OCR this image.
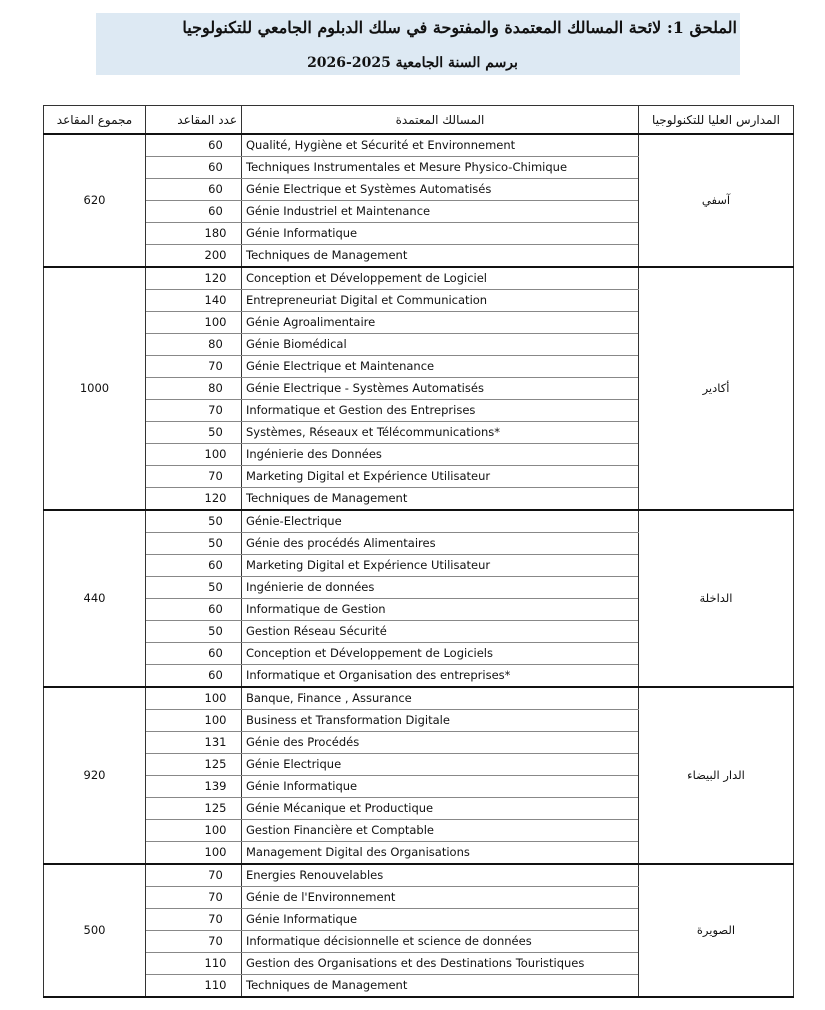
الملحق 1: لائحة المسالك المعتمدة والمفتوحة في سلك الدبلوم الجامعي للتكنولوجيا
برسم السنة الجامعية 2025-2026
مجموع المقاعد	عدد المقاعد	المسالك المعتمدة	المدارس العليا للتكنولوجيا
620	60	Qualité, Hygiène et Sécurité et Environnement	آسفي
	60	Techniques Instrumentales et Mesure Physico-Chimique	
	60	Génie Electrique et Systèmes Automatisés	
	60	Génie Industriel et Maintenance	
	180	Génie Informatique	
	200	Techniques de Management	
1000	120	Conception et Développement de Logiciel	أكادير
	140	Entrepreneuriat Digital et Communication	
	100	Génie Agroalimentaire	
	80	Génie Biomédical	
	70	Génie Electrique et Maintenance	
	80	Génie Electrique - Systèmes Automatisés	
	70	Informatique et Gestion des Entreprises	
	50	Systèmes, Réseaux et Télécommunications*	
	100	Ingénierie des Données	
	70	Marketing Digital et Expérience Utilisateur	
	120	Techniques de Management	
440	50	Génie-Electrique	الداخلة
	50	Génie des procédés Alimentaires	
	60	Marketing Digital et Expérience Utilisateur	
	50	Ingénierie de données	
	60	Informatique de Gestion	
	50	Gestion Réseau Sécurité	
	60	Conception et Développement de Logiciels	
	60	Informatique et Organisation des entreprises*	
920	100	Banque, Finance , Assurance	الدار البيضاء
	100	Business et Transformation Digitale	
	131	Génie des Procédés	
	125	Génie Electrique	
	139	Génie Informatique	
	125	Génie Mécanique et Productique	
	100	Gestion Financière et Comptable	
	100	Management Digital des Organisations	
500	70	Energies Renouvelables	الصويرة
	70	Génie de l'Environnement	
	70	Génie Informatique	
	70	Informatique décisionnelle et science de données	
	110	Gestion des Organisations et des Destinations Touristiques	
	110	Techniques de Management	
